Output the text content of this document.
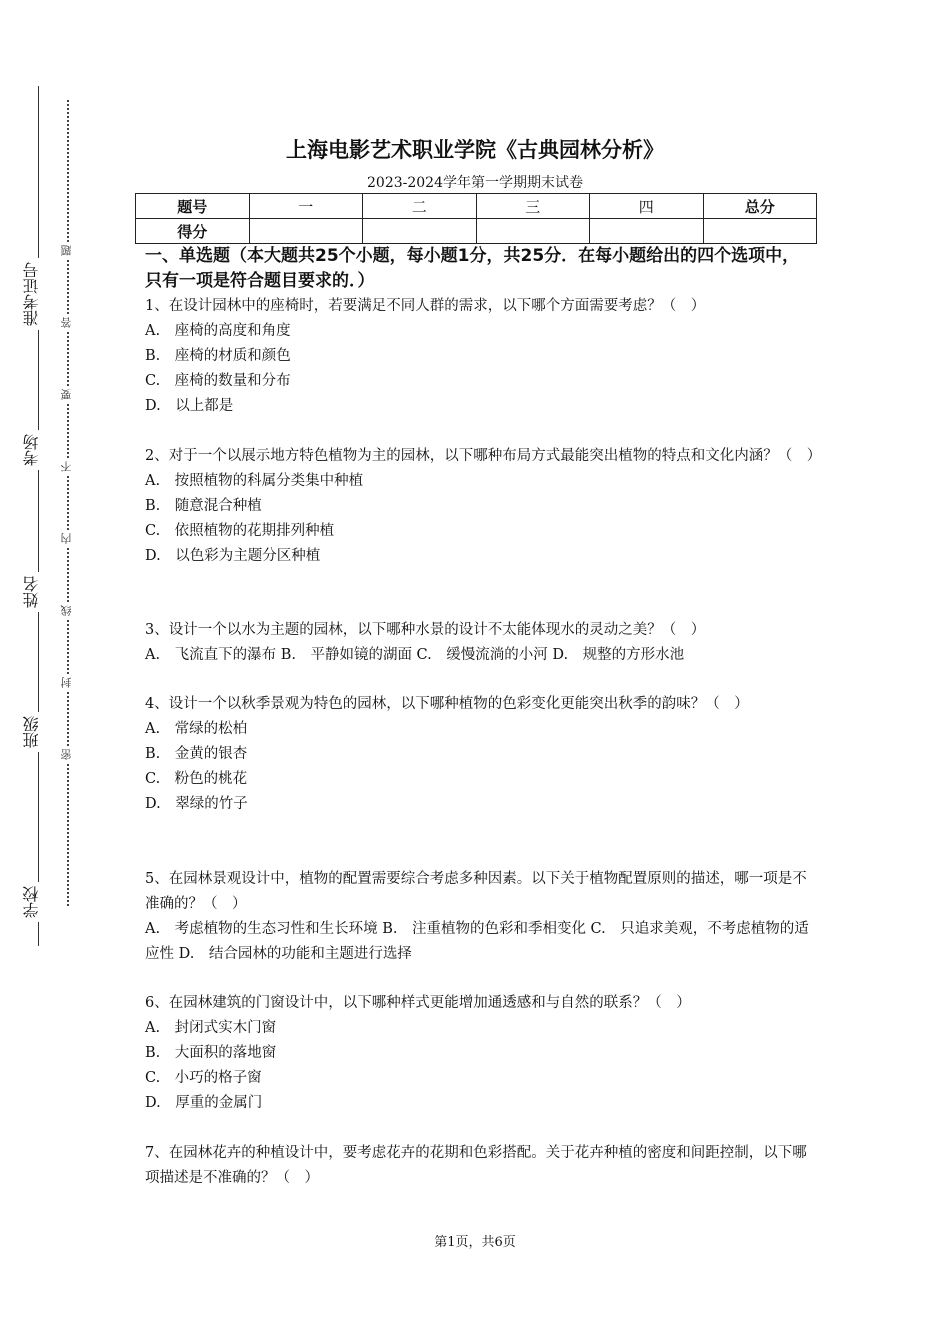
准考证号
考场
姓名
班级
学校
题
答
要
不
内
线
封
密
上海电影艺术职业学院《古典园林分析》
2023-2024学年第一学期期末试卷
题号	一	二	三	四	总分
得分					
一、单选题（本大题共25个小题，每小题1分，共25分．在每小题给出的四个选项中，只有一项是符合题目要求的．）
1、在设计园林中的座椅时，若要满足不同人群的需求，以下哪个方面需要考虑？（　）
A.　座椅的高度和角度
B.　座椅的材质和颜色
C.　座椅的数量和分布
D.　以上都是
2、对于一个以展示地方特色植物为主的园林，以下哪种布局方式最能突出植物的特点和文化内涵？（　）
A.　按照植物的科属分类集中种植
B.　随意混合种植
C.　依照植物的花期排列种植
D.　以色彩为主题分区种植
3、设计一个以水为主题的园林，以下哪种水景的设计不太能体现水的灵动之美？（　）
A.　飞流直下的瀑布 B.　平静如镜的湖面 C.　缓慢流淌的小河 D.　规整的方形水池
4、设计一个以秋季景观为特色的园林，以下哪种植物的色彩变化更能突出秋季的韵味？（　）
A.　常绿的松柏
B.　金黄的银杏
C.　粉色的桃花
D.　翠绿的竹子
5、在园林景观设计中，植物的配置需要综合考虑多种因素。以下关于植物配置原则的描述，哪一项是不准确的？（　）
A.　考虑植物的生态习性和生长环境 B.　注重植物的色彩和季相变化 C.　只追求美观，不考虑植物的适应性 D.　结合园林的功能和主题进行选择
6、在园林建筑的门窗设计中，以下哪种样式更能增加通透感和与自然的联系？（　）
A.　封闭式实木门窗
B.　大面积的落地窗
C.　小巧的格子窗
D.　厚重的金属门
7、在园林花卉的种植设计中，要考虑花卉的花期和色彩搭配。关于花卉种植的密度和间距控制，以下哪项描述是不准确的？（　）
第1页，共6页
